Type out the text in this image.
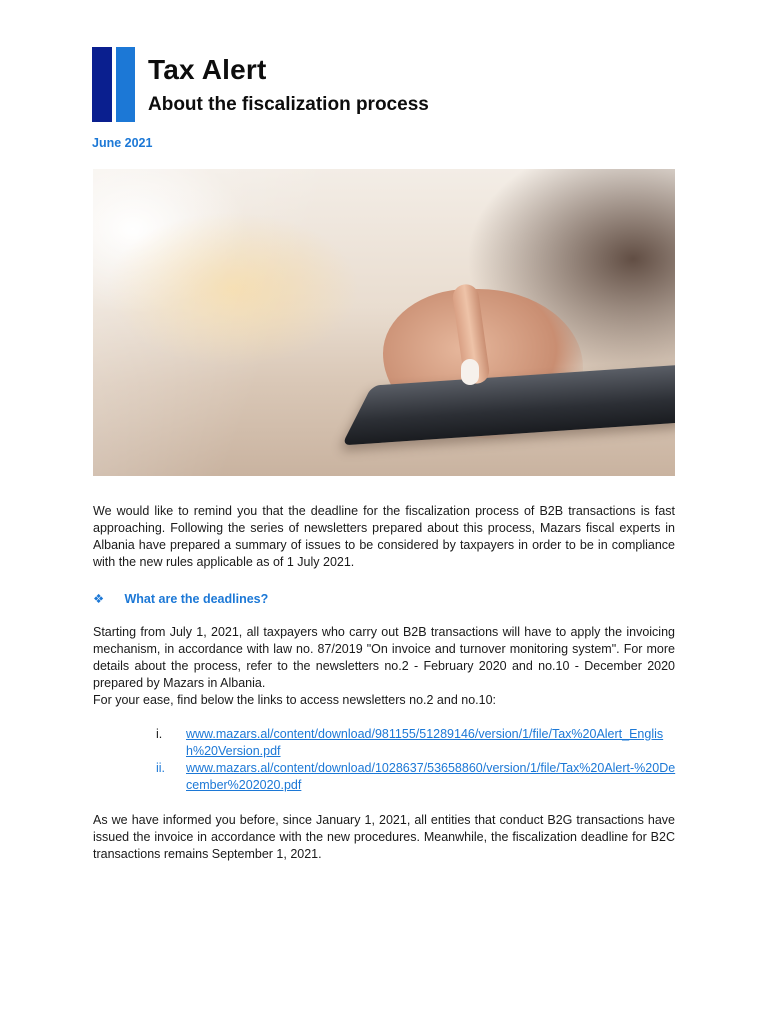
Tax Alert
About the fiscalization process
June 2021

We would like to remind you that the deadline for the fiscalization process of B2B transactions is fast approaching. Following the series of newsletters prepared about this process, Mazars fiscal experts in Albania have prepared a summary of issues to be considered by taxpayers in order to be in compliance with the new rules applicable as of 1 July 2021.

❖ What are the deadlines?

Starting from July 1, 2021, all taxpayers who carry out B2B transactions will have to apply the invoicing mechanism, in accordance with law no. 87/2019 "On invoice and turnover monitoring system". For more details about the process, refer to the newsletters no.2 - February 2020 and no.10 - December 2020 prepared by Mazars in Albania.

For your ease, find below the links to access newsletters no.2 and no.10:

i.	www.mazars.al/content/download/981155/51289146/version/1/file/Tax%20Alert_English%20Version.pdf
ii.	www.mazars.al/content/download/1028637/53658860/version/1/file/Tax%20Alert-%20December%202020.pdf

As we have informed you before, since January 1, 2021, all entities that conduct B2G transactions have issued the invoice in accordance with the new procedures. Meanwhile, the fiscalization deadline for B2C transactions remains September 1, 2021.
